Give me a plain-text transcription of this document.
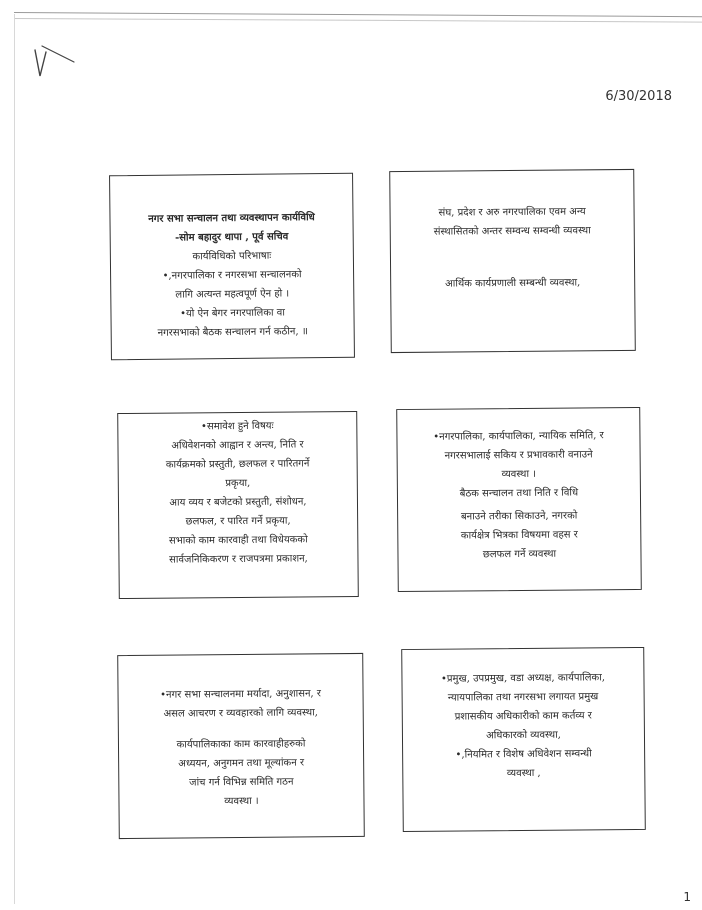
6/30/2018

नगर सभा सन्चालन तथा व्यवस्थापन कार्यविधि

-सोम बहादुर थापा , पूर्व सचिव

कार्यविधिको परिभाषाः

•,नगरपालिका र नगरसभा सन्चालनको

लागि अत्यन्त महत्वपूर्ण ऐन हो ।

•यो ऐन बेगर नगरपालिका वा

नगरसभाको बैठक सन्चालन गर्न कठीन, ॥

संघ, प्रदेश र अरु नगरपालिका एवम अन्य

संस्थासितको अन्तर सम्वन्ध सम्वन्धी व्यवस्था

आर्थिक कार्यप्रणाली सम्बन्धी व्यवस्था,

•समावेश हुने विषयः

अधिवेशनको आह्वान र अन्त्य, निति र

कार्यक्रमको प्रस्तुती, छलफल र पारितगर्ने

प्रकृया,

आय व्यय र बजेटको प्रस्तुती, संशोधन,

छलफल, र पारित गर्ने प्रकृया,

सभाको काम कारवाही तथा विधेयकको

सार्वजनिकिकरण र राजपत्रमा प्रकाशन,

•नगरपालिका, कार्यपालिका, न्यायिक समिति, र

नगरसभालाई सकिय र प्रभावकारी वनाउने

व्यवस्था ।

बैठक सन्चालन तथा निति र विधि

बनाउने तरीका सिकाउने, नगरको

कार्यक्षेत्र भित्रका विषयमा वहस र

छलफल गर्ने व्यवस्था

•नगर सभा सन्चालनमा मर्यादा, अनुशासन, र

असल आचरण र व्यवहारको लागि व्यवस्था,

कार्यपालिकाका काम कारवाहीहरुको

अध्ययन, अनुगमन तथा मूल्यांकन र

जांच गर्न विभिन्न समिति गठन

व्यवस्था ।

•प्रमुख, उपप्रमुख, वडा अध्यक्ष, कार्यपालिका,

न्यायपालिका तथा नगरसभा लगायत प्रमुख

प्रशासकीय अधिकारीको काम कर्तव्य र

अधिकारको व्यवस्था,

•,नियमित र विशेष अधिवेशन सम्वन्धी

व्यवस्था ,

1
